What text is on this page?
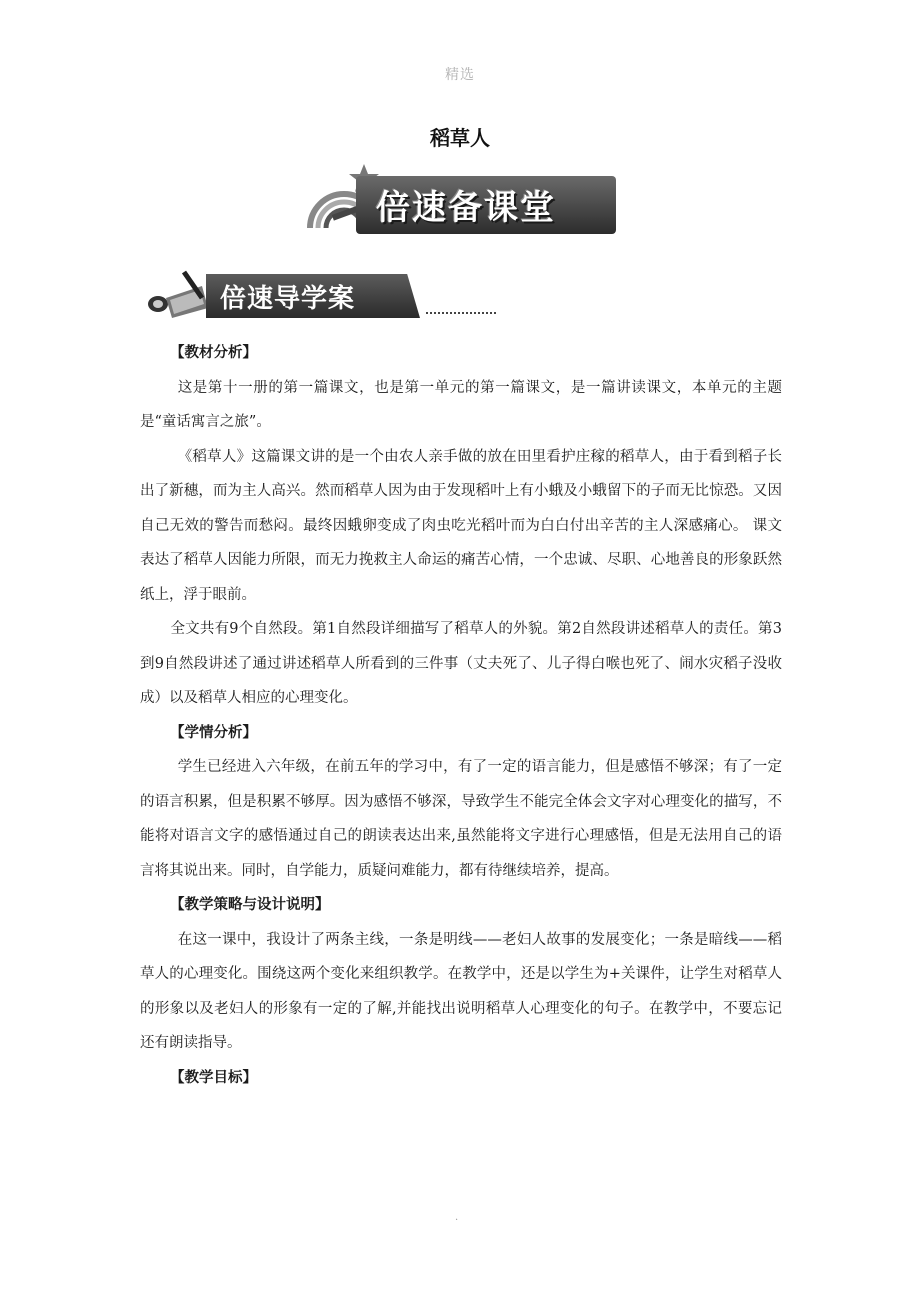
精选
稻草人
倍速备课堂
倍速导学案

【教材分析】

这是第十一册的第一篇课文，也是第一单元的第一篇课文，是一篇讲读课文，本单元的主题是“童话寓言之旅”。

《稻草人》这篇课文讲的是一个由农人亲手做的放在田里看护庄稼的稻草人，由于看到稻子长出了新穗，而为主人高兴。然而稻草人因为由于发现稻叶上有小蛾及小蛾留下的子而无比惊恐。又因自己无效的警告而愁闷。最终因蛾卵变成了肉虫吃光稻叶而为白白付出辛苦的主人深感痛心。 课文表达了稻草人因能力所限，而无力挽救主人命运的痛苦心情，一个忠诚、尽职、心地善良的形象跃然纸上，浮于眼前。

全文共有9个自然段。第1自然段详细描写了稻草人的外貌。第2自然段讲述稻草人的责任。第3到9自然段讲述了通过讲述稻草人所看到的三件事（丈夫死了、儿子得白喉也死了、闹水灾稻子没收成）以及稻草人相应的心理变化。

【学情分析】

学生已经进入六年级，在前五年的学习中，有了一定的语言能力，但是感悟不够深；有了一定的语言积累，但是积累不够厚。因为感悟不够深，导致学生不能完全体会文字对心理变化的描写，不能将对语言文字的感悟通过自己的朗读表达出来,虽然能将文字进行心理感悟，但是无法用自己的语言将其说出来。同时，自学能力，质疑问难能力，都有待继续培养，提高。

【教学策略与设计说明】

在这一课中，我设计了两条主线，一条是明线——老妇人故事的发展变化；一条是暗线——稻草人的心理变化。围绕这两个变化来组织教学。在教学中，还是以学生为+关课件，让学生对稻草人的形象以及老妇人的形象有一定的了解,并能找出说明稻草人心理变化的句子。在教学中，不要忘记还有朗读指导。

【教学目标】

.
